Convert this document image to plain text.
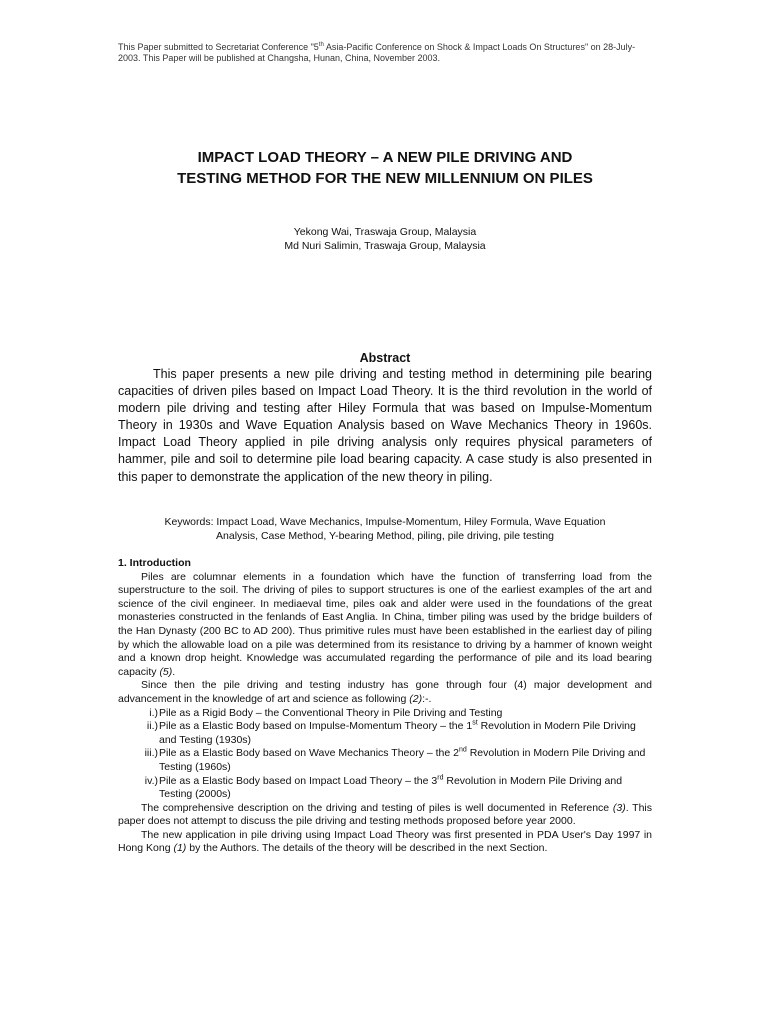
This Paper submitted to Secretariat Conference "5th Asia-Pacific Conference on Shock & Impact Loads On Structures" on 28-July-2003. This Paper will be published at Changsha, Hunan, China, November 2003.
IMPACT LOAD THEORY – A NEW PILE DRIVING AND
TESTING METHOD FOR THE NEW MILLENNIUM ON PILES
Yekong Wai, Traswaja Group, Malaysia
Md Nuri Salimin, Traswaja Group, Malaysia
Abstract

This paper presents a new pile driving and testing method in determining pile bearing capacities of driven piles based on Impact Load Theory. It is the third revolution in the world of modern pile driving and testing after Hiley Formula that was based on Impulse-Momentum Theory in 1930s and Wave Equation Analysis based on Wave Mechanics Theory in 1960s. Impact Load Theory applied in pile driving analysis only requires physical parameters of hammer, pile and soil to determine pile load bearing capacity. A case study is also presented in this paper to demonstrate the application of the new theory in piling.

Keywords: Impact Load, Wave Mechanics, Impulse-Momentum, Hiley Formula, Wave Equation
Analysis, Case Method, Y-bearing Method, piling, pile driving, pile testing
1. Introduction

Piles are columnar elements in a foundation which have the function of transferring load from the superstructure to the soil. The driving of piles to support structures is one of the earliest examples of the art and science of the civil engineer. In mediaeval time, piles oak and alder were used in the foundations of the great monasteries constructed in the fenlands of East Anglia. In China, timber piling was used by the bridge builders of the Han Dynasty (200 BC to AD 200). Thus primitive rules must have been established in the earliest day of piling by which the allowable load on a pile was determined from its resistance to driving by a hammer of known weight and a known drop height. Knowledge was accumulated regarding the performance of pile and its load bearing capacity (5).

Since then the pile driving and testing industry has gone through four (4) major development and advancement in the knowledge of art and science as following (2):-.

i.) Pile as a Rigid Body – the Conventional Theory in Pile Driving and Testing
ii.) Pile as a Elastic Body based on Impulse-Momentum Theory – the 1st Revolution in Modern Pile Driving and Testing (1930s)
iii.) Pile as a Elastic Body based on Wave Mechanics Theory – the 2nd Revolution in Modern Pile Driving and Testing (1960s)
iv.) Pile as a Elastic Body based on Impact Load Theory – the 3rd Revolution in Modern Pile Driving and Testing (2000s)

The comprehensive description on the driving and testing of piles is well documented in Reference (3). This paper does not attempt to discuss the pile driving and testing methods proposed before year 2000.

The new application in pile driving using Impact Load Theory was first presented in PDA User's Day 1997 in Hong Kong (1) by the Authors. The details of the theory will be described in the next Section.
